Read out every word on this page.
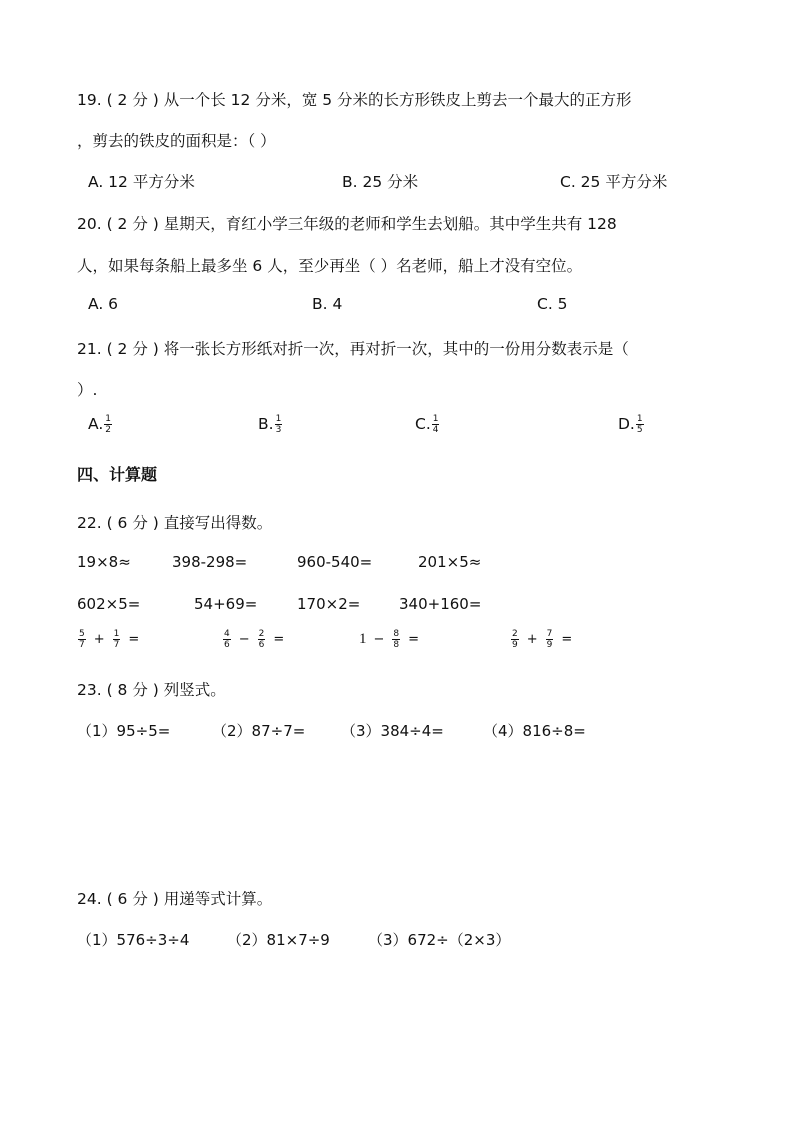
19. ( 2 分 ) 从一个长 12 分米，宽 5 分米的长方形铁皮上剪去一个最大的正方形
，剪去的铁皮的面积是：（ ）
A. 12 平方分米	B. 25 分米	C. 25 平方分米
20. ( 2 分 ) 星期天，育红小学三年级的老师和学生去划船。其中学生共有 128
人，如果每条船上最多坐 6 人，至少再坐（ ）名老师，船上才没有空位。
A. 6	B. 4	C. 5
21. ( 2 分 ) 将一张长方形纸对折一次，再对折一次，其中的一份用分数表示是（
）.
A. $\frac{1}{2}$	B. $\frac{1}{3}$	C. $\frac{1}{4}$	D. $\frac{1}{5}$
四、计算题
22. ( 6 分 ) 直接写出得数。
19×8≈	398-298=	960-540=	201×5≈
602×5=	54+69=	170×2=	340+160=
$\frac{5}{7} + \frac{1}{7}$ =	$\frac{4}{6} - \frac{2}{6}$ =	$1 - \frac{8}{8}$ =	$\frac{2}{9} + \frac{7}{9}$ =
23. ( 8 分 ) 列竖式。
（1）95÷5=	（2）87÷7= （3）384÷4=	（4）816÷8=
24. ( 6 分 ) 用递等式计算。
（1）576÷3÷4	（2）81×7÷9	（3）672÷（2×3）
